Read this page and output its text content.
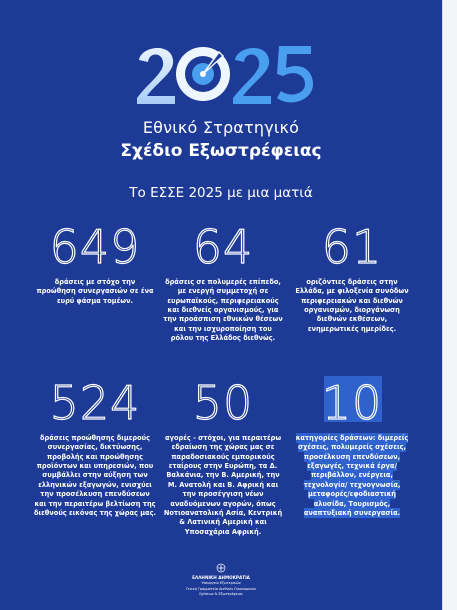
Εθνικό Στρατηγικό
Σχέδιο Εξωστρέφειας
Το ΕΣΣΕ 2025 με μια ματιά
649
δράσεις με στόχο την προώθηση συνεργασιών σε ένα ευρύ φάσμα τομέων.
64
δράσεις σε πολυμερές επίπεδο, με ενεργή συμμετοχή σε ευρωπαϊκούς, περιφερειακούς και διεθνείς οργανισμούς, για την προάσπιση εθνικών θέσεων και την ισχυροποίηση του ρόλου της Ελλάδος διεθνώς.
61
οριζόντιες δράσεις στην Ελλάδα, με φιλοξενία συνόδων περιφερειακών και διεθνών οργανισμών, διοργάνωση διεθνών εκθέσεων, ενημερωτικές ημερίδες.
524
δράσεις προώθησης διμερούς συνεργασίας, δικτύωσης, προβολής και προώθησης προϊόντων και υπηρεσιών, που συμβάλλει στην αύξηση των ελληνικών εξαγωγών, ενισχύει την προσέλκυση επενδύσεων και την περαιτέρω βελτίωση της διεθνούς εικόνας της χώρας μας.
50
αγορές - στόχοι, για περαιτέρω εδραίωση της χώρας μας σε παραδοσιακούς εμπορικούς εταίρους στην Ευρώπη, τα Δ. Βαλκάνια, την Β. Αμερική, την Μ. Ανατολή και Β. Αφρική και την προσέγγιση νέων αναδυόμενων αγορών, όπως Νοτιοανατολική Ασία, Κεντρική & Λατινική Αμερική και Υποσαχάρια Αφρική.
10
κατηγορίες δράσεων: διμερείς σχέσεις, πολυμερείς σχέσεις, προσέλκυση επενδύσεων, εξαγωγές, τεχνικά έργα/ περιβάλλον, ενέργεια, τεχνολογία/ τεχνογνωσία, μεταφορές/εφοδιαστική αλυσίδα, Τουρισμός, αναπτυξιακή συνεργασία.
ΕΛΛΗΝΙΚΗ ΔΗΜΟΚΡΑΤΙΑ
Υπουργείο Εξωτερικών
Γενική Γραμματεία Διεθνών Οικονομικών
Σχέσεων & Εξωστρέφειας
